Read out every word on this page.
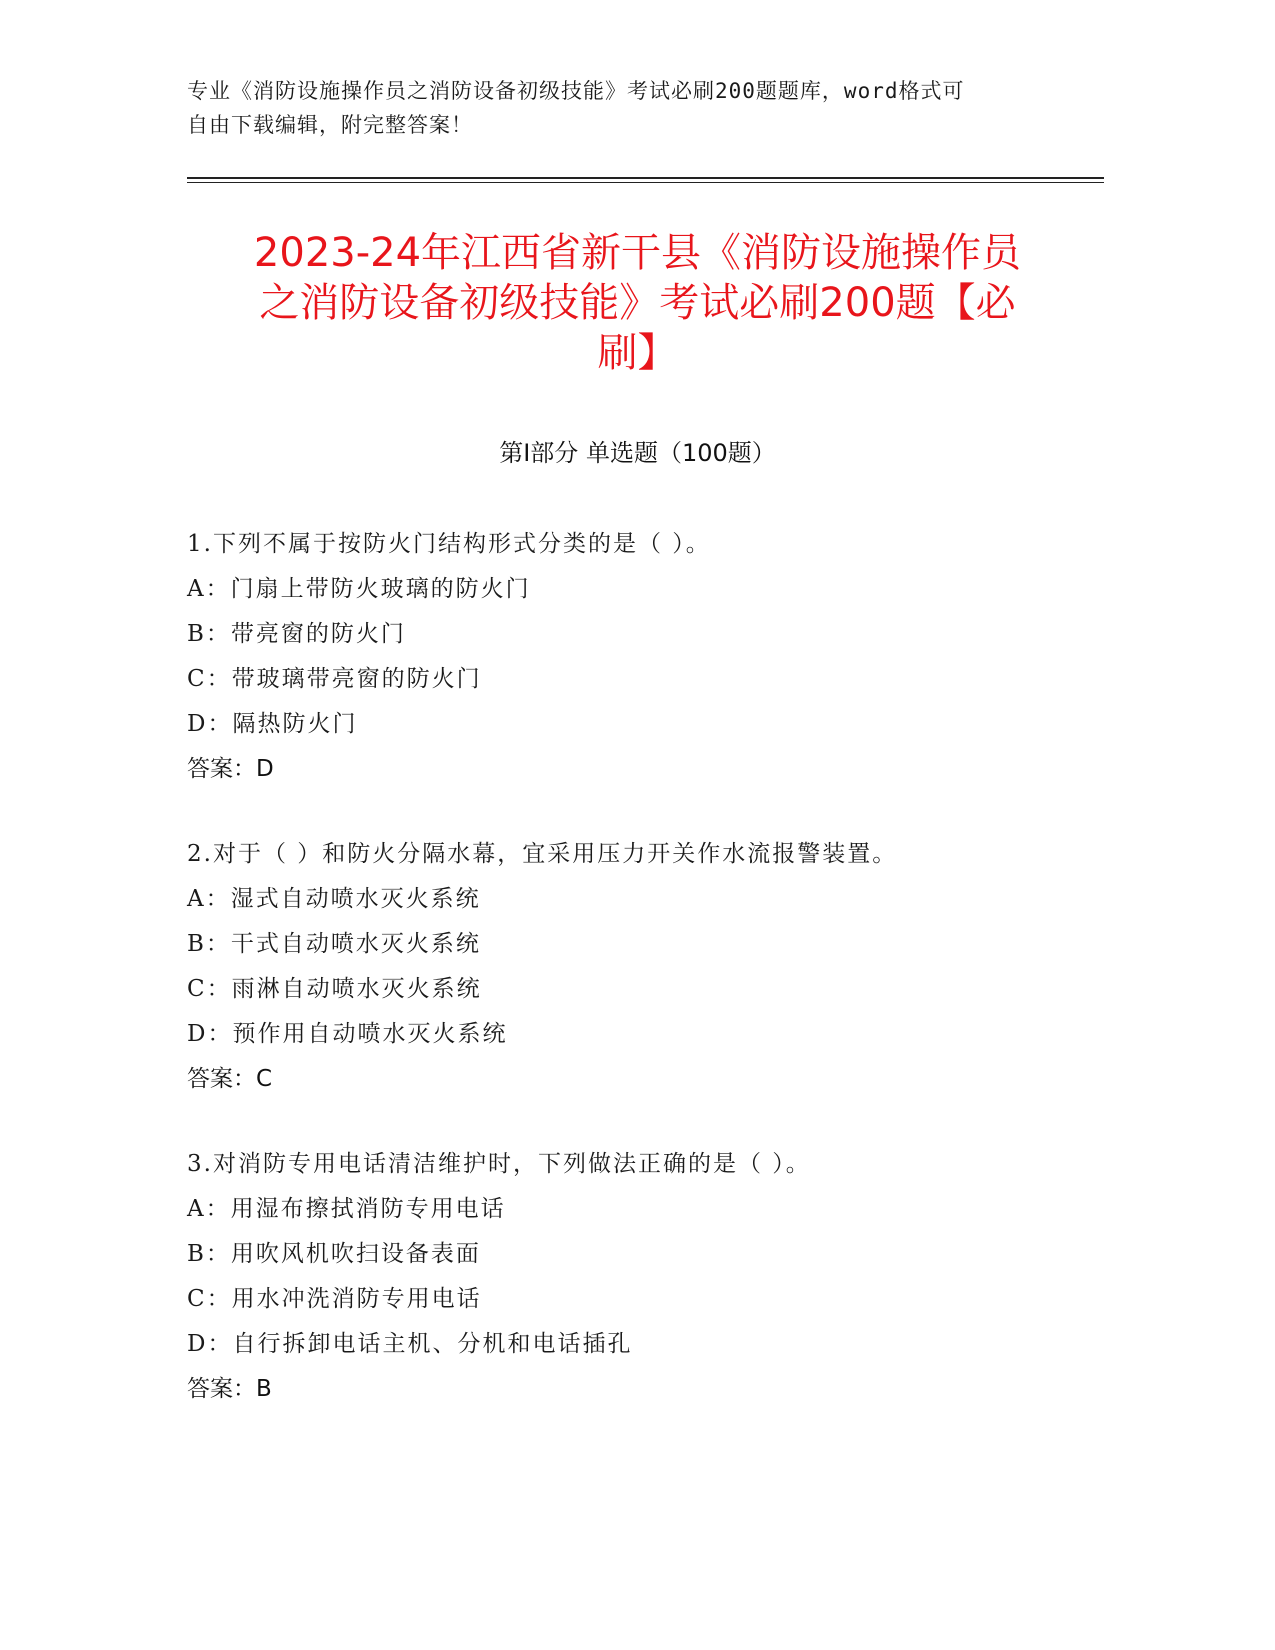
专业《消防设施操作员之消防设备初级技能》考试必刷200题题库，word格式可
自由下载编辑，附完整答案！
2023-24年江西省新干县《消防设施操作员
之消防设备初级技能》考试必刷200题【必
刷】
第I部分 单选题（100题）
1.下列不属于按防火门结构形式分类的是（ ）。
A：门扇上带防火玻璃的防火门
B：带亮窗的防火门
C：带玻璃带亮窗的防火门
D：隔热防火门
答案：D
2.对于（ ）和防火分隔水幕，宜采用压力开关作水流报警装置。
A：湿式自动喷水灭火系统
B：干式自动喷水灭火系统
C：雨淋自动喷水灭火系统
D：预作用自动喷水灭火系统
答案：C
3.对消防专用电话清洁维护时，下列做法正确的是（ ）。
A：用湿布擦拭消防专用电话
B：用吹风机吹扫设备表面
C：用水冲洗消防专用电话
D：自行拆卸电话主机、分机和电话插孔
答案：B
